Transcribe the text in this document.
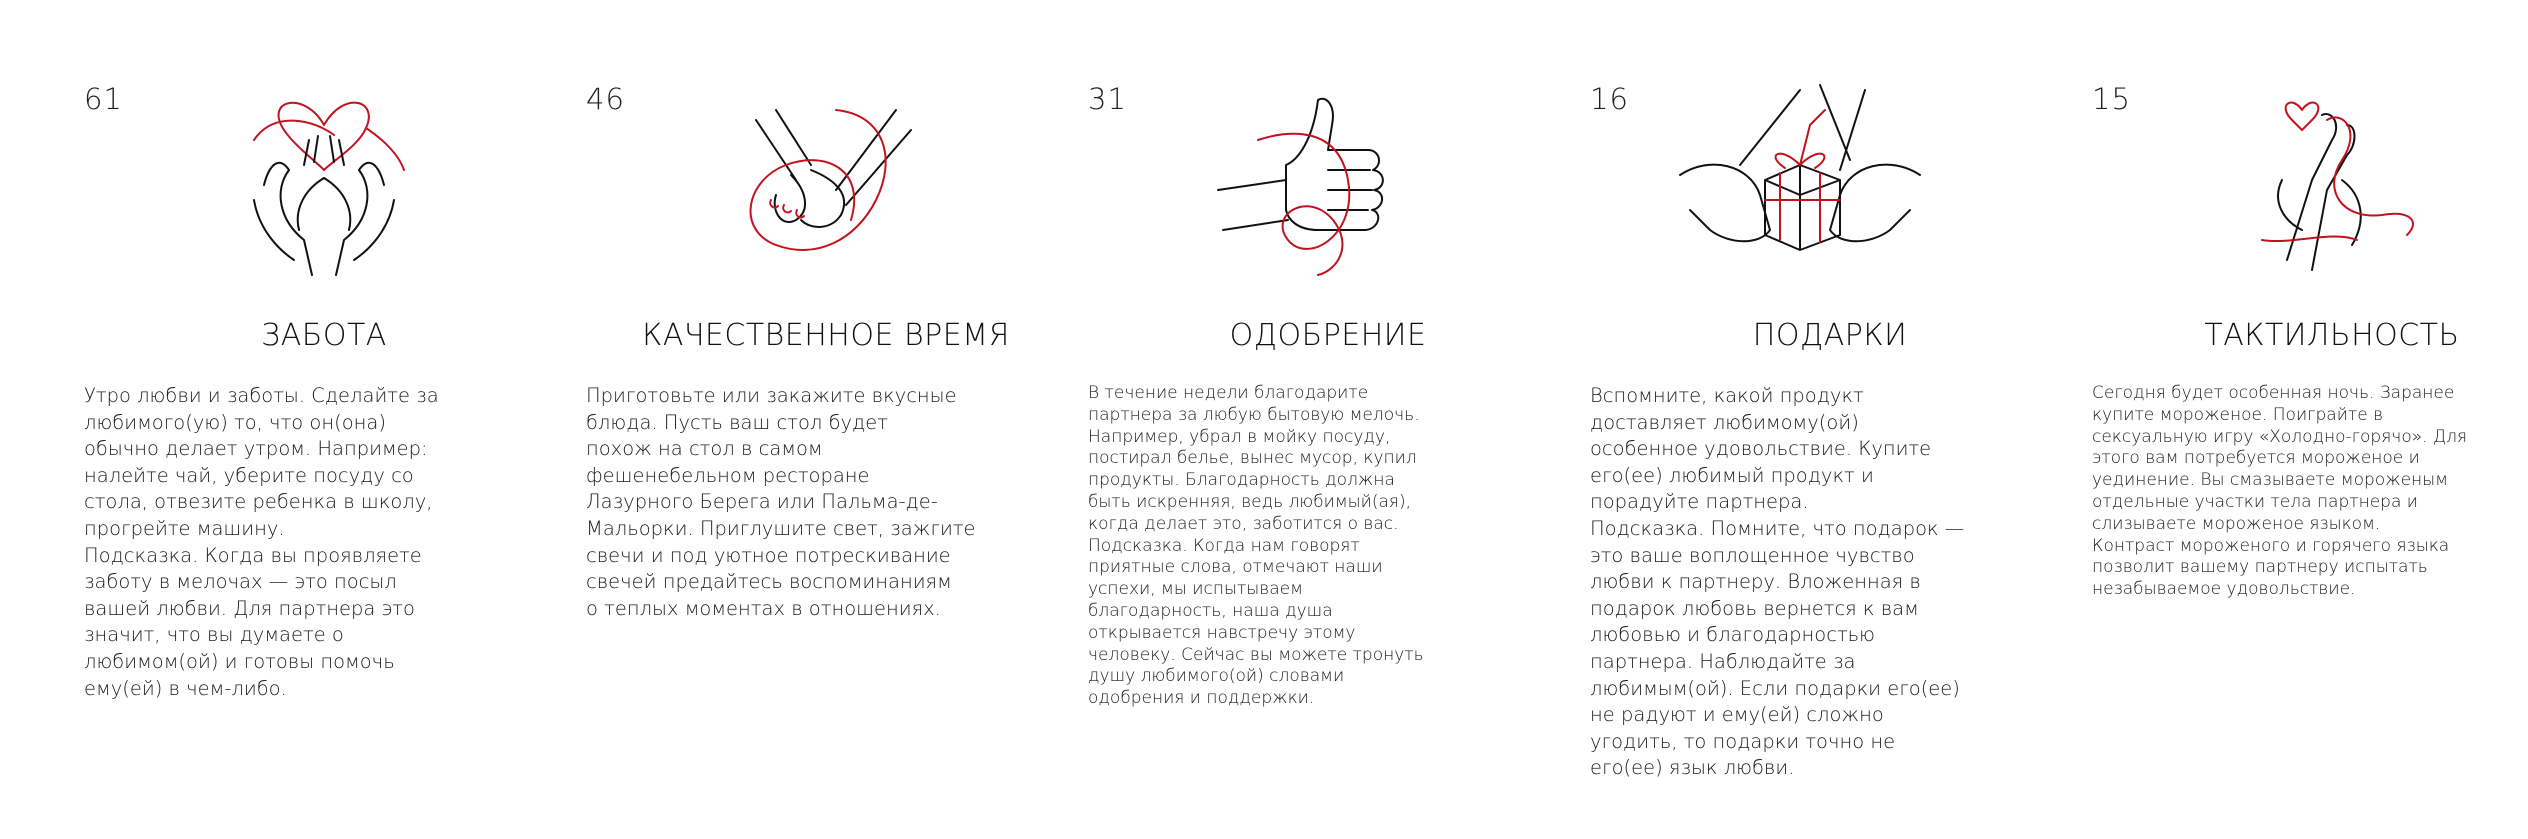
61
ЗАБОТА
Утро любви и заботы. Сделайте за
любимого(ую) то, что он(она)
обычно делает утром. Например:
налейте чай, уберите посуду со
стола, отвезите ребенка в школу,
прогрейте машину.
Подсказка. Когда вы проявляете
заботу в мелочах — это посыл
вашей любви. Для партнера это
значит, что вы думаете о
любимом(ой) и готовы помочь
ему(ей) в чем-либо.
46
КАЧЕСТВЕННОЕ ВРЕМЯ
Приготовьте или закажите вкусные
блюда. Пусть ваш стол будет
похож на стол в самом
фешенебельном ресторане
Лазурного Берега или Пальма-де-
Мальорки. Приглушите свет, зажгите
свечи и под уютное потрескивание
свечей предайтесь воспоминаниям
о теплых моментах в отношениях.
31
ОДОБРЕНИЕ
В течение недели благодарите
партнера за любую бытовую мелочь.
Например, убрал в мойку посуду,
постирал белье, вынес мусор, купил
продукты. Благодарность должна
быть искренняя, ведь любимый(ая),
когда делает это, заботится о вас.
Подсказка. Когда нам говорят
приятные слова, отмечают наши
успехи, мы испытываем
благодарность, наша душа
открывается навстречу этому
человеку. Сейчас вы можете тронуть
душу любимого(ой) словами
одобрения и поддержки.
16
ПОДАРКИ
Вспомните, какой продукт
доставляет любимому(ой)
особенное удовольствие. Купите
его(ее) любимый продукт и
порадуйте партнера.
Подсказка. Помните, что подарок —
это ваше воплощенное чувство
любви к партнеру. Вложенная в
подарок любовь вернется к вам
любовью и благодарностью
партнера. Наблюдайте за
любимым(ой). Если подарки его(ее)
не радуют и ему(ей) сложно
угодить, то подарки точно не
его(ее) язык любви.
15
ТАКТИЛЬНОСТЬ
Сегодня будет особенная ночь. Заранее
купите мороженое. Поиграйте в
сексуальную игру «Холодно-горячо». Для
этого вам потребуется мороженое и
уединение. Вы смазываете мороженым
отдельные участки тела партнера и
слизываете мороженое языком.
Контраст мороженого и горячего языка
позволит вашему партнеру испытать
незабываемое удовольствие.
